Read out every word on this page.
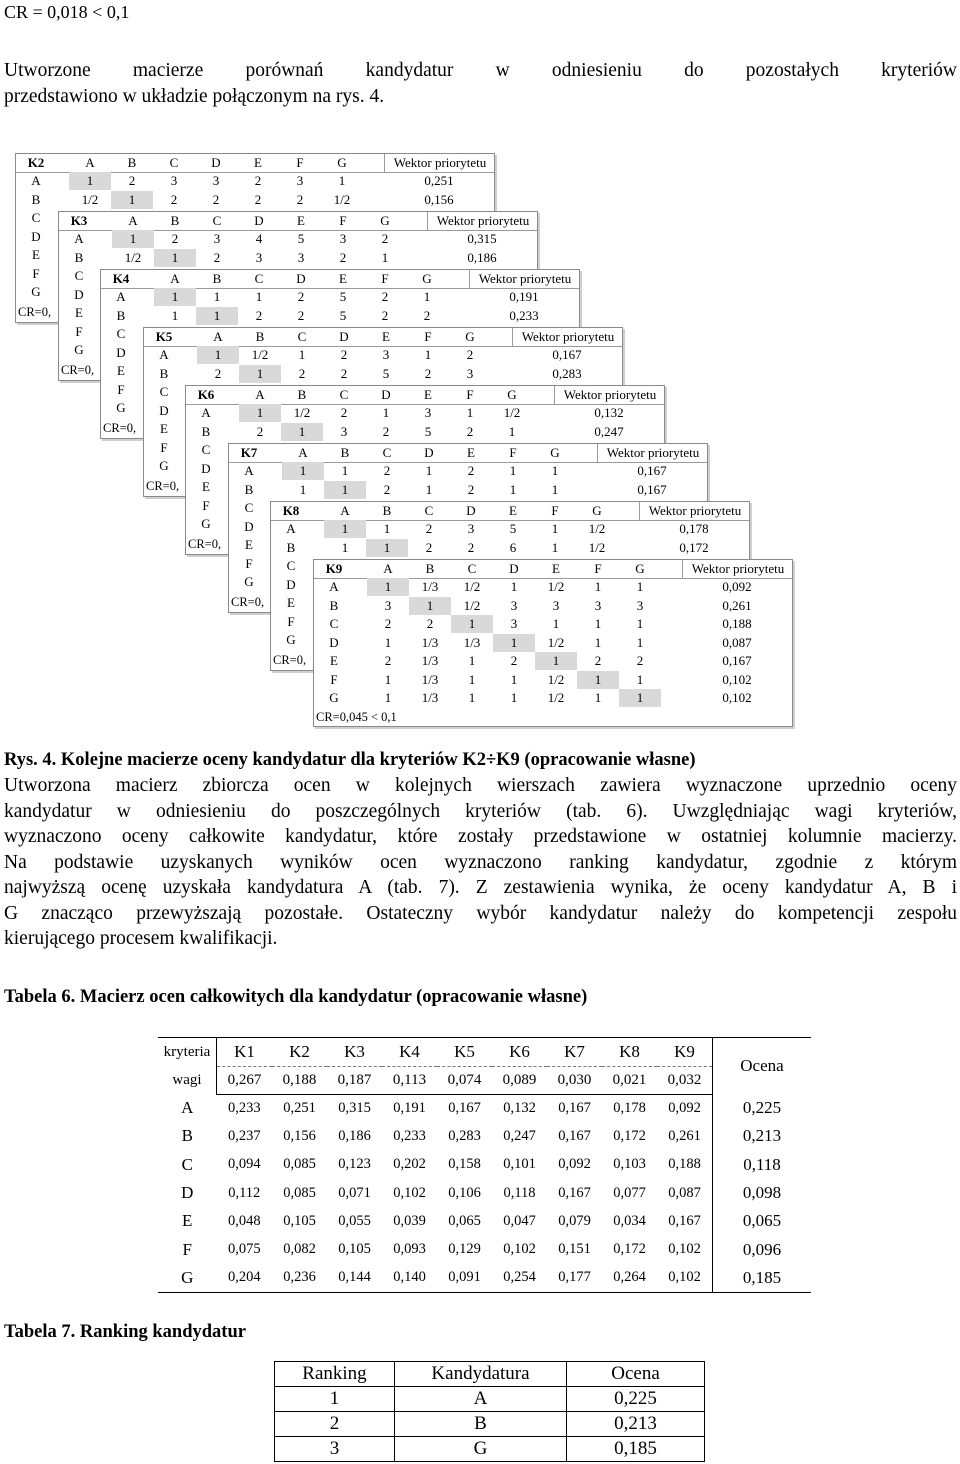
CR = 0,018 < 0,1
Utworzone macierze porównań kandydatur w odniesieniu do pozostałych kryteriów
przedstawiono w układzie połączonym na rys. 4.
K2	A	B	C	D	E	F	G	Wektor priorytetu
A	1	2	3	3	2	3	1	0,251
B	1/2	1	2	2	2	2	1/2	0,156
C
D
E
F
G
CR=0,
K3	A	B	C	D	E	F	G	Wektor priorytetu
A	1	2	3	4	5	3	2	0,315
B	1/2	1	2	3	3	2	1	0,186
C
D
E
F
G
CR=0,
K4	A	B	C	D	E	F	G	Wektor priorytetu
A	1	1	1	2	5	2	1	0,191
B	1	1	2	2	5	2	2	0,233
C
D
E
F
G
CR=0,
K5	A	B	C	D	E	F	G	Wektor priorytetu
A	1	1/2	1	2	3	1	2	0,167
B	2	1	2	2	5	2	3	0,283
C
D
E
F
G
CR=0,
K6	A	B	C	D	E	F	G	Wektor priorytetu
A	1	1/2	2	1	3	1	1/2	0,132
B	2	1	3	2	5	2	1	0,247
C
D
E
F
G
CR=0,
K7	A	B	C	D	E	F	G	Wektor priorytetu
A	1	1	2	1	2	1	1	0,167
B	1	1	2	1	2	1	1	0,167
C
D
E
F
G
CR=0,
K8	A	B	C	D	E	F	G	Wektor priorytetu
A	1	1	2	3	5	1	1/2	0,178
B	1	1	2	2	6	1	1/2	0,172
C
D
E
F
G
CR=0,
K9	A	B	C	D	E	F	G	Wektor priorytetu
A	1	1/3	1/2	1	1/2	1	1	0,092
B	3	1	1/2	3	3	3	3	0,261
C	2	2	1	3	1	1	1	0,188
D	1	1/3	1/3	1	1/2	1	1	0,087
E	2	1/3	1	2	1	2	2	0,167
F	1	1/3	1	1	1/2	1	1	0,102
G	1	1/3	1	1	1/2	1	1	0,102
CR=0,045 < 0,1
Rys. 4. Kolejne macierze oceny kandydatur dla kryteriów K2÷K9 (opracowanie własne)
Utworzona macierz zbiorcza ocen w kolejnych wierszach zawiera wyznaczone uprzednio oceny
kandydatur w odniesieniu do poszczególnych kryteriów (tab. 6). Uwzględniając wagi kryteriów,
wyznaczono oceny całkowite kandydatur, które zostały przedstawione w ostatniej kolumnie macierzy.
Na podstawie uzyskanych wyników ocen wyznaczono ranking kandydatur, zgodnie z którym
najwyższą ocenę uzyskała kandydatura A (tab. 7). Z zestawienia wynika, że oceny kandydatur A, B i
G znacząco przewyższają pozostałe. Ostateczny wybór kandydatur należy do kompetencji zespołu
kierującego procesem kwalifikacji.
Tabela 6. Macierz ocen całkowitych dla kandydatur (opracowanie własne)
kryteria	K1	K2	K3	K4	K5	K6	K7	K8	K9	Ocena
wagi	0,267	0,188	0,187	0,113	0,074	0,089	0,030	0,021	0,032	
A	0,233	0,251	0,315	0,191	0,167	0,132	0,167	0,178	0,092	0,225
B	0,237	0,156	0,186	0,233	0,283	0,247	0,167	0,172	0,261	0,213
C	0,094	0,085	0,123	0,202	0,158	0,101	0,092	0,103	0,188	0,118
D	0,112	0,085	0,071	0,102	0,106	0,118	0,167	0,077	0,087	0,098
E	0,048	0,105	0,055	0,039	0,065	0,047	0,079	0,034	0,167	0,065
F	0,075	0,082	0,105	0,093	0,129	0,102	0,151	0,172	0,102	0,096
G	0,204	0,236	0,144	0,140	0,091	0,254	0,177	0,264	0,102	0,185
Tabela 7. Ranking kandydatur
Ranking	Kandydatura	Ocena
1	A	0,225
2	B	0,213
3	G	0,185
